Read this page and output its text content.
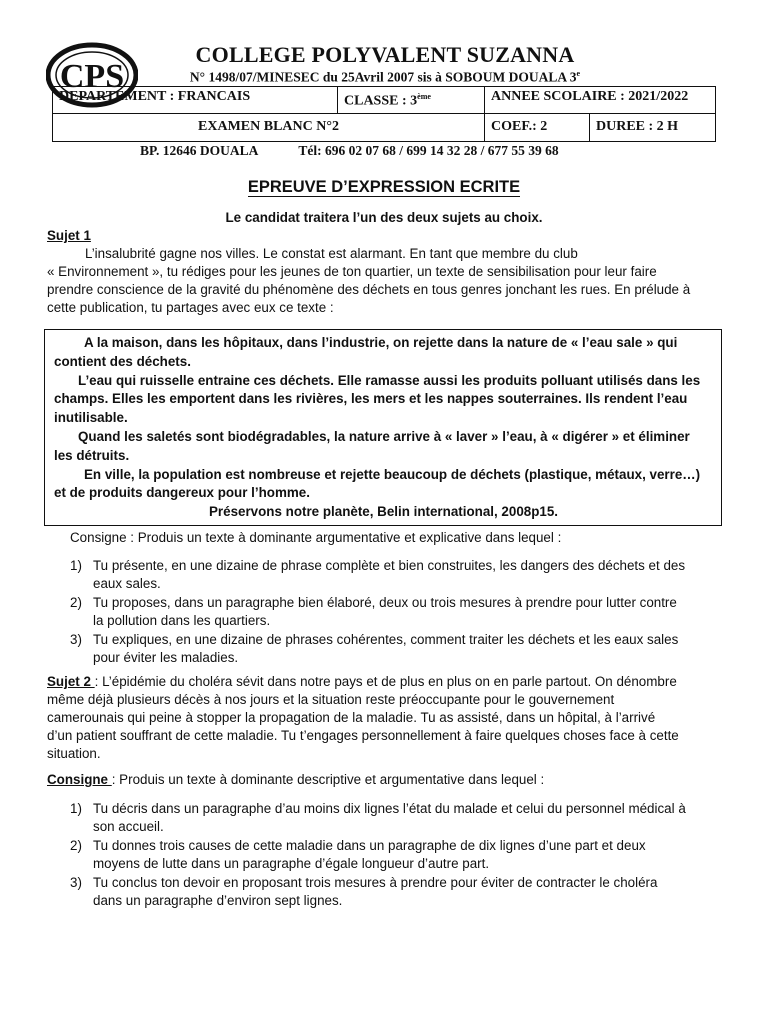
CPS
COLLEGE POLYVALENT SUZANNA
N° 1498/07/MINESEC du 25Avril 2007 sis à SOBOUM DOUALA 3e
DEPARTEMENT : FRANCAIS	CLASSE : 3ème	ANNEE SCOLAIRE : 2021/2022	
EXAMEN BLANC N°2		COEF.: 2	DUREE : 2 H
BP. 12646 DOUALA	Tél: 696 02 07 68 / 699 14 32 28 / 677 55 39 68
EPREUVE D’EXPRESSION ECRITE
Le candidat traitera l’un des deux sujets au choix.
Sujet 1
L’insalubrité gagne nos villes. Le constat est alarmant. En tant que membre du club
« Environnement », tu rédiges pour les jeunes de ton quartier, un texte de sensibilisation pour leur faire
prendre conscience de la gravité du phénomène des déchets en tous genres jonchant les rues. En prélude à
cette publication, tu partages avec eux ce texte :
A la maison, dans les hôpitaux, dans l’industrie, on rejette dans la nature de « l’eau sale » qui
contient des déchets.
L’eau qui ruisselle entraine ces déchets. Elle ramasse aussi les produits polluant utilisés dans les
champs. Elles les emportent dans les rivières, les mers et les nappes souterraines. Ils rendent l’eau
inutilisable.
Quand les saletés sont biodégradables, la nature arrive à « laver » l’eau, à « digérer » et éliminer
les détruits.
En ville, la population est nombreuse et rejette beaucoup de déchets (plastique, métaux, verre…)
et de produits dangereux pour l’homme.
Préservons notre planète, Belin international, 2008p15.
Consigne : Produis un texte à dominante argumentative et explicative dans lequel :
1) Tu présente, en une dizaine de phrase complète et bien construites, les dangers des déchets et des
eaux sales.
2) Tu proposes, dans un paragraphe bien élaboré, deux ou trois mesures à prendre pour lutter contre
la pollution dans les quartiers.
3) Tu expliques, en une dizaine de phrases cohérentes, comment traiter les déchets et les eaux sales
pour éviter les maladies.
Sujet 2 : L’épidémie du choléra sévit dans notre pays et de plus en plus on en parle partout. On dénombre
même déjà plusieurs décès à nos jours et la situation reste préoccupante pour le gouvernement
camerounais qui peine à stopper la propagation de la maladie. Tu as assisté, dans un hôpital, à l’arrivé
d’un patient souffrant de cette maladie. Tu t’engages personnellement à faire quelques choses face à cette
situation.
Consigne : Produis un texte à dominante descriptive et argumentative dans lequel :
1) Tu décris dans un paragraphe d’au moins dix lignes l’état du malade et celui du personnel médical à
son accueil.
2) Tu donnes trois causes de cette maladie dans un paragraphe de dix lignes d’une part et deux
moyens de lutte dans un paragraphe d’égale longueur d’autre part.
3) Tu conclus ton devoir en proposant trois mesures à prendre pour éviter de contracter le choléra
dans un paragraphe d’environ sept lignes.
